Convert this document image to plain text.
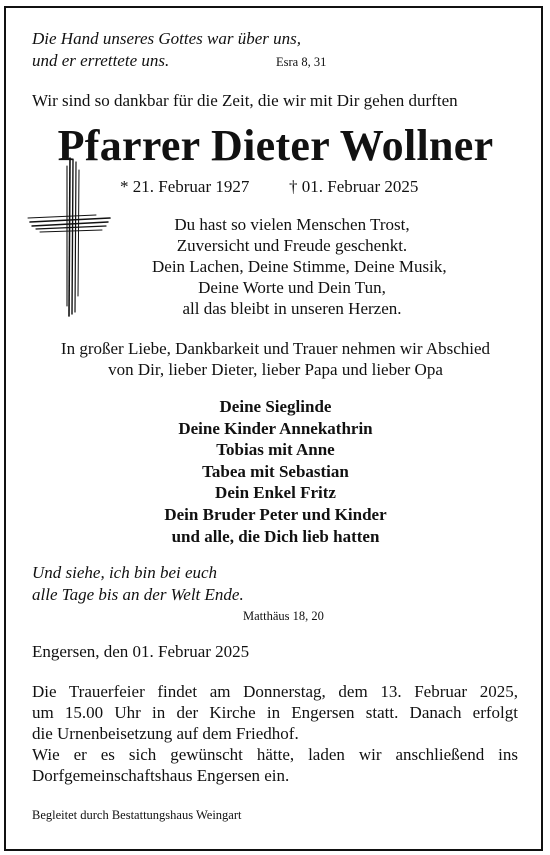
Die Hand unseres Gottes war über uns,
und er errettete uns.	Esra 8, 31
Wir sind so dankbar für die Zeit, die wir mit Dir gehen durften
Pfarrer Dieter Wollner
* 21. Februar 1927 † 01. Februar 2025
Du hast so vielen Menschen Trost,
Zuversicht und Freude geschenkt.
Dein Lachen, Deine Stimme, Deine Musik,
Deine Worte und Dein Tun,
all das bleibt in unseren Herzen.
In großer Liebe, Dankbarkeit und Trauer nehmen wir Abschied
von Dir, lieber Dieter, lieber Papa und lieber Opa
Deine Sieglinde
Deine Kinder Annekathrin
Tobias mit Anne
Tabea mit Sebastian
Dein Enkel Fritz
Dein Bruder Peter und Kinder
und alle, die Dich lieb hatten
Und siehe, ich bin bei euch
alle Tage bis an der Welt Ende.
Matthäus 18, 20
Engersen, den 01. Februar 2025
Die Trauerfeier findet am Donnerstag, dem 13. Februar 2025,
um 15.00 Uhr in der Kirche in Engersen statt. Danach erfolgt
die Urnenbeisetzung auf dem Friedhof.
Wie er es sich gewünscht hätte, laden wir anschließend ins
Dorfgemeinschaftshaus Engersen ein.
Begleitet durch Bestattungshaus Weingart
